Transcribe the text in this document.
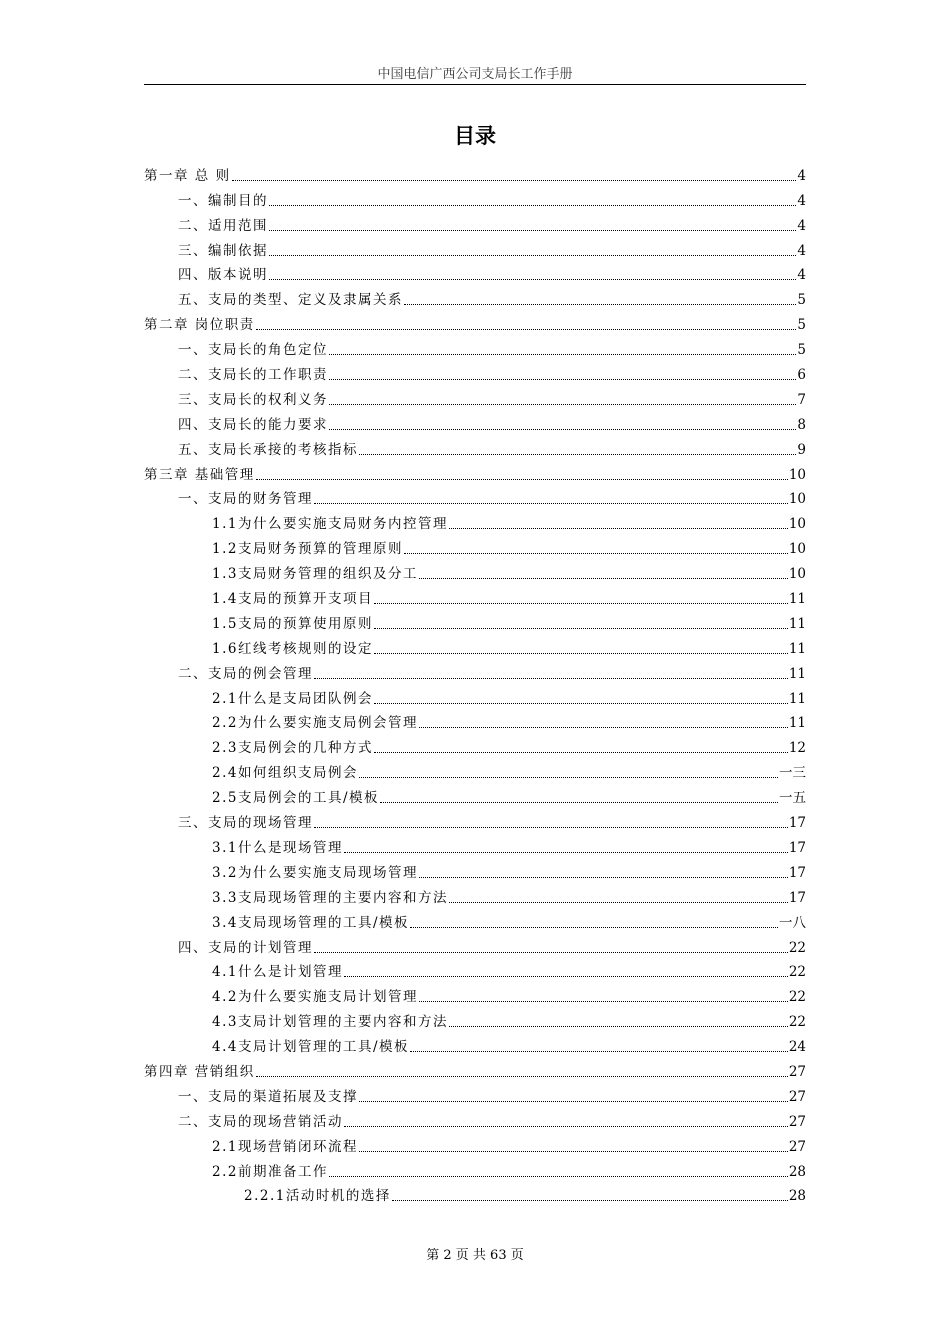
中国电信广西公司支局长工作手册
目录
第一章 总 则	4
一、编制目的	4
二、适用范围	4
三、编制依据	4
四、版本说明	4
五、支局的类型、定义及隶属关系	5
第二章 岗位职责	5
一、支局长的角色定位	5
二、支局长的工作职责	6
三、支局长的权利义务	7
四、支局长的能力要求	8
五、支局长承接的考核指标	9
第三章 基础管理	10
一、支局的财务管理	10
1.1为什么要实施支局财务内控管理	10
1.2支局财务预算的管理原则	10
1.3支局财务管理的组织及分工	10
1.4支局的预算开支项目	11
1.5支局的预算使用原则	11
1.6红线考核规则的设定	11
二、支局的例会管理	11
2.1什么是支局团队例会	11
2.2为什么要实施支局例会管理	11
2.3支局例会的几种方式	12
2.4如何组织支局例会	一三
2.5支局例会的工具/模板	一五
三、支局的现场管理	17
3.1什么是现场管理	17
3.2为什么要实施支局现场管理	17
3.3支局现场管理的主要内容和方法	17
3.4支局现场管理的工具/模板	一八
四、支局的计划管理	22
4.1什么是计划管理	22
4.2为什么要实施支局计划管理	22
4.3支局计划管理的主要内容和方法	22
4.4支局计划管理的工具/模板	24
第四章 营销组织	27
一、支局的渠道拓展及支撑	27
二、支局的现场营销活动	27
2.1现场营销闭环流程	27
2.2前期准备工作	28
2.2.1活动时机的选择	28
第 2 页 共 63 页
